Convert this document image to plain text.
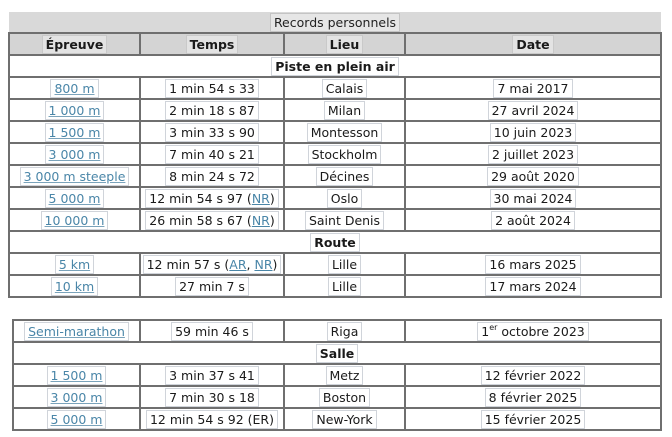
Records personnels			
Épreuve	Temps	Lieu	Date
Piste en plein air			
800 m	1 min 54 s 33	Calais	7 mai 2017
1 000 m	2 min 18 s 87	Milan	27 avril 2024
1 500 m	3 min 33 s 90	Montesson	10 juin 2023
3 000 m	7 min 40 s 21	Stockholm	2 juillet 2023
3 000 m steeple	8 min 24 s 72	Décines	29 août 2020
5 000 m	12 min 54 s 97 (NR)	Oslo	30 mai 2024
10 000 m	26 min 58 s 67 (NR)	Saint Denis	2 août 2024
Route			
5 km	12 min 57 s (AR, NR)	Lille	16 mars 2025
10 km	27 min 7 s	Lille	17 mars 2024
Semi-marathon	59 min 46 s	Riga	1er octobre 2023
Salle			
1 500 m	3 min 37 s 41	Metz	12 février 2022
3 000 m	7 min 30 s 18	Boston	8 février 2025
5 000 m	12 min 54 s 92 (ER)	New-York	15 février 2025
